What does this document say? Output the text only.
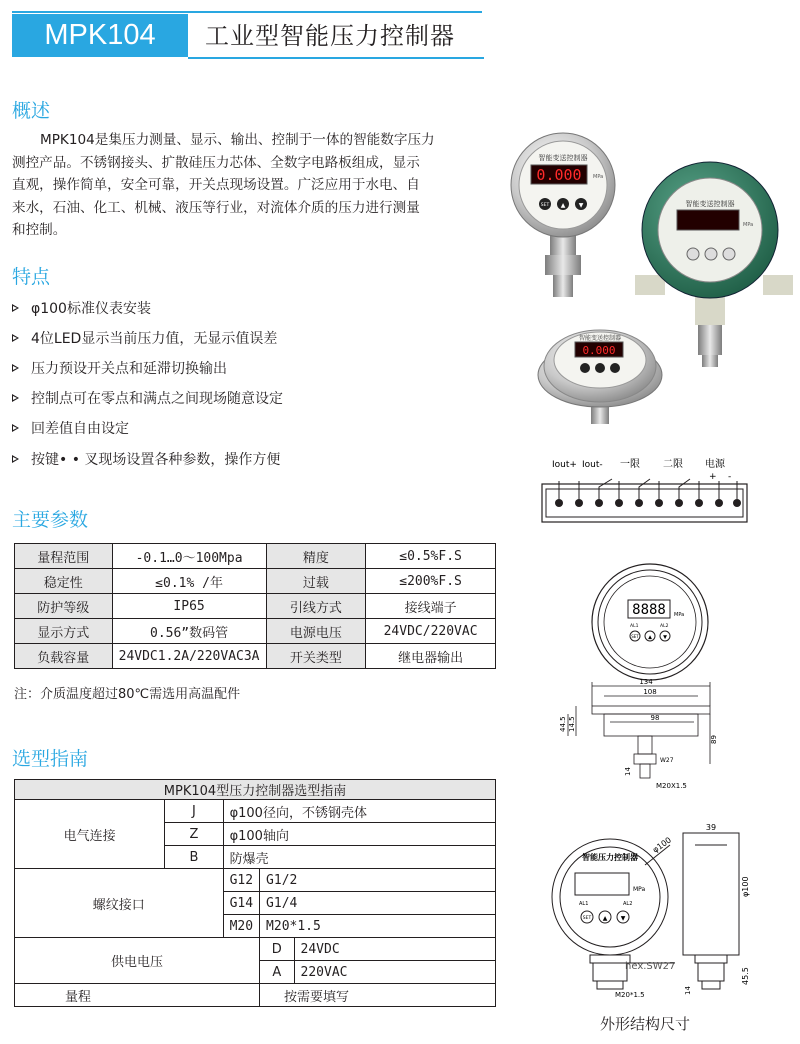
MPK104 工业型智能压力控制器
概述
MPK104是集压力测量、显示、输出、控制于一体的智能数字压力
测控产品。不锈钢接头、扩散硅压力芯体、全数字电路板组成，显示
直观，操作简单，安全可靠，开关点现场设置。广泛应用于水电、自
来水，石油、化工、机械、液压等行业，对流体介质的压力进行测量
和控制。
特点
φ100标准仪表安装
4位LED显示当前压力值，无显示值误差
压力预设开关点和延滞切换输出
控制点可在零点和满点之间现场随意设定
回差值自由设定
按键• • 叉现场设置各种参数，操作方便
主要参数
量程范围	-0.1…0～100Mpa	精度	≤0.5%F.S
稳定性	≤0.1% /年	过载	≤200%F.S
防护等级	IP65	引线方式	接线端子
显示方式	0.56”数码管	电源电压	24VDC/220VAC
负载容量	24VDC1.2A/220VAC3A	开关类型	继电器输出
注：介质温度超过80℃需选用高温配件
选型指南
MPK104型压力控制器选型指南				
电气连接	J	φ100径向，不锈钢壳体		
	Z	φ100轴向		
	B	防爆壳		
螺纹接口		G12	G1/2	
		G14	G1/4	
		M20	M20*1.5	
供电电压			D	24VDC
			A	220VAC
量程			按需要填写	
智能变送控制器
0.000 MPa
SET ▲ ▼	智能变送控制器
MPa
智能变送控制器
0.000
Iout+ Iout- 一限 二限 电源
+ -
8888 MPa
AL1	AL2
SET ▲ ▼
134
108
98
89
44.5 14.5
14
M20X1.5
W27
智能压力控制器
MPa
AL1	AL2
SET ▲ ▼
φ100
39
φ100
45.5
14
M20*1.5
hex.SW27
外形结构尺寸
